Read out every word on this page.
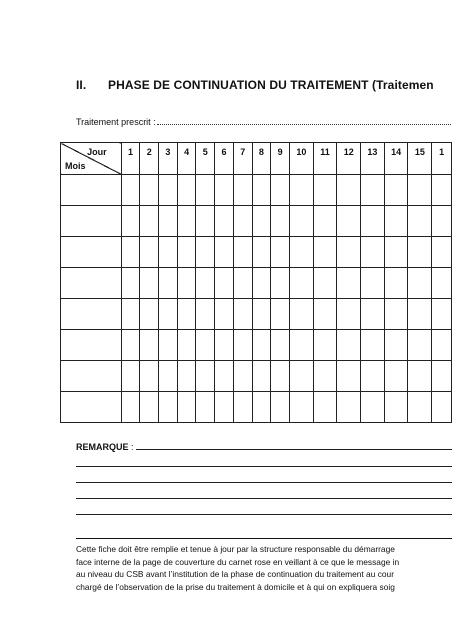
II. PHASE DE CONTINUATION DU TRAITEMENT (Traitemen
Traitement prescrit :
Jour
Mois	1	2	3	4	5	6	7	8	9	10	11	12	13	14	15	1

REMARQUE :
Cette fiche doit être remplie et tenue à jour par la structure responsable du démarrage
face interne de la page de couverture du carnet rose en veillant à ce que le message in
au niveau du CSB avant l’institution de la phase de continuation du traitement au cour
chargé de l’observation de la prise du traitement à domicile et à qui on expliquera soig
